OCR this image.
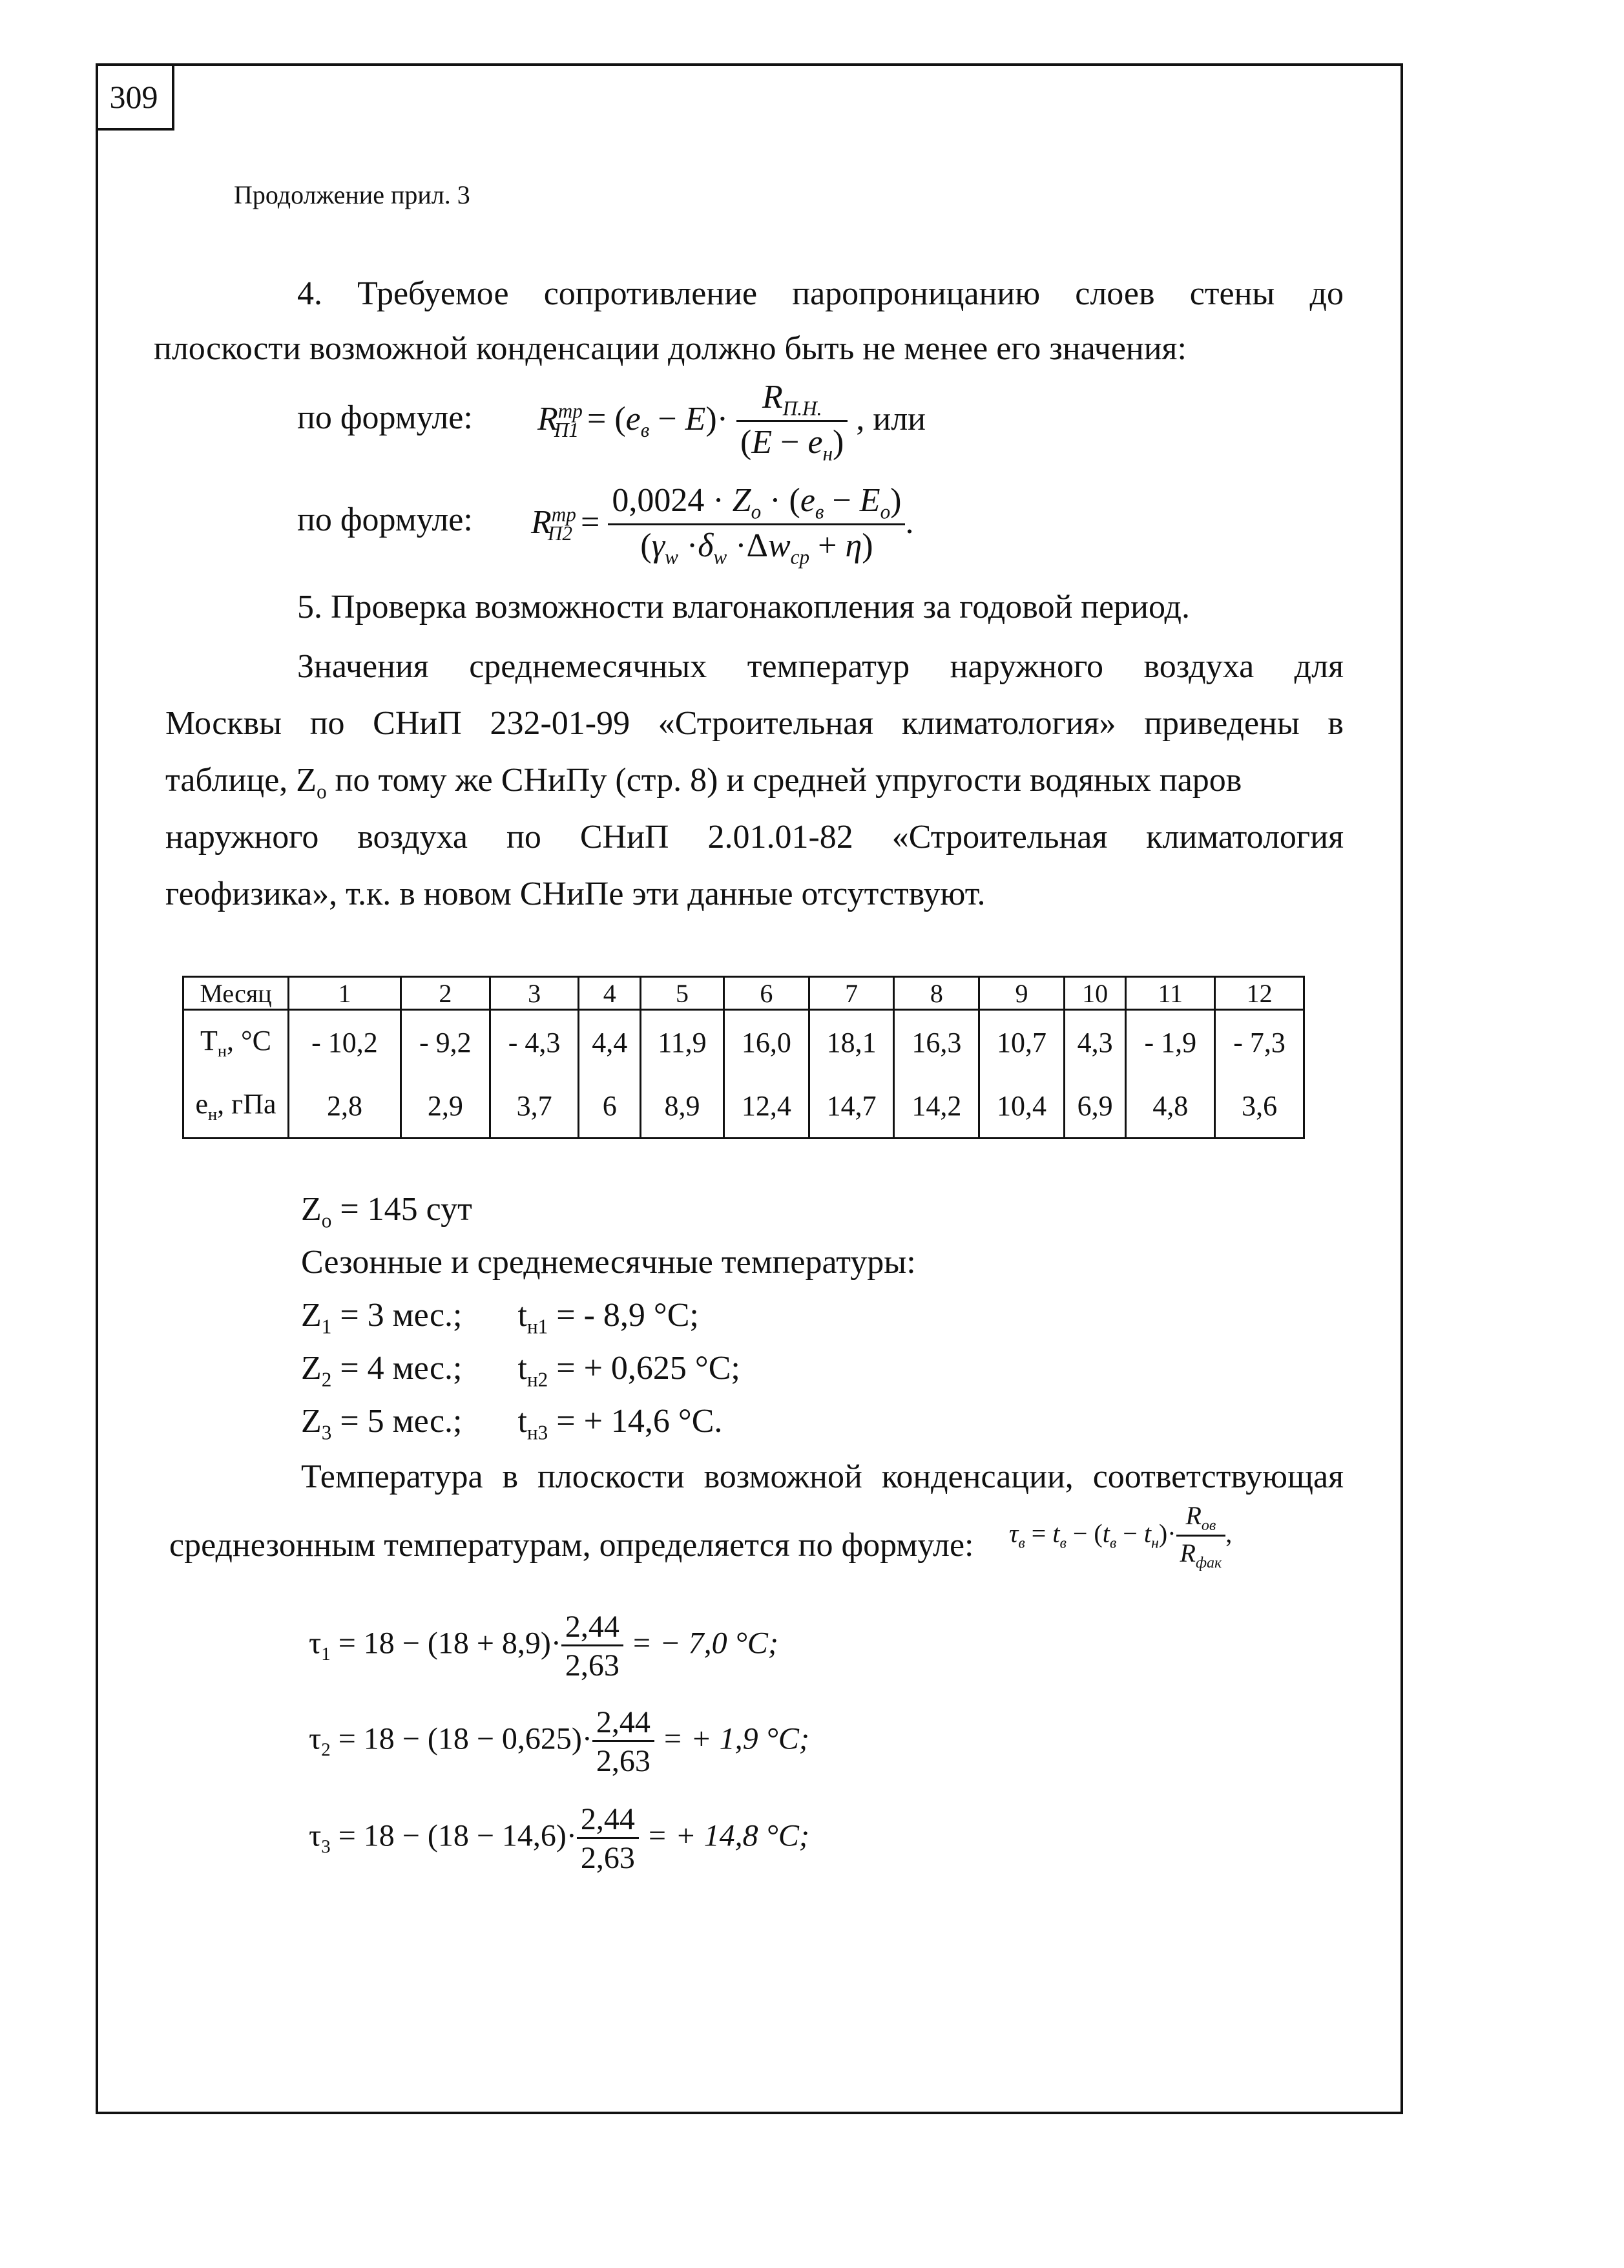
309
Продолжение прил. 3
4. Требуемое сопротивление паропроницанию слоев стены до
плоскости возможной конденсации должно быть не менее его значения:
по формуле: $R^{тр}_{П1} = (e_в - E)\cdot \frac{R_{П.Н.}}{(E - e_н)}$ , или
по формуле: $R^{тр}_{П2} = \frac{0,0024 \cdot Z_о \cdot (e_в - E_о)}{(\gamma_w \cdot\delta_w \cdot\Delta w_{ср} + \eta)}$ .
5. Проверка возможности влагонакопления за годовой период.
Значения среднемесячных температур наружного воздуха для
Москвы по СНиП 232-01-99 «Строительная климатология» приведены в
таблице, $Z_o$ по тому же СНиПу (стр. 8) и средней упругости водяных паров
наружного воздуха по СНиП 2.01.01-82 «Строительная климатология
геофизика», т.к. в новом СНиПе эти данные отсутствуют.
Месяц	1	2	3	4	5	6	7	8	9	10	11	12
$Т_н$, °С	- 10,2	- 9,2	- 4,3	4,4	11,9	16,0	18,1	16,3	10,7	4,3	- 1,9	- 7,3
$е_н$, гПа	2,8	2,9	3,7	6	8,9	12,4	14,7	14,2	10,4	6,9	4,8	3,6
$Z_o = 145$ сут
Сезонные и среднемесячные температуры:
$Z_1 = 3$ мес.; $t_{н1}$ = - 8,9 °С;
$Z_2 = 4$ мес.; $t_{н2}$ = + 0,625 °С;
$Z_3 = 5$ мес.; $t_{н3}$ = + 14,6 °С.
Температура в плоскости возможной конденсации, соответствующая
среднезонным температурам, определяется по формуле: $\tau_в = t_в - (t_в - t_н)\cdot \frac{R_{ов}}{R_{фак}}$ ,
$\tau_1 = 18 - (18 + 8,9)\cdot \frac{2,44}{2,63}$ = − 7,0 °С;
$\tau_2 = 18 - (18 - 0,625)\cdot \frac{2,44}{2,63}$ = + 1,9 °С;
$\tau_3 = 18 - (18 - 14,6)\cdot \frac{2,44}{2,63}$ = + 14,8 °С;
